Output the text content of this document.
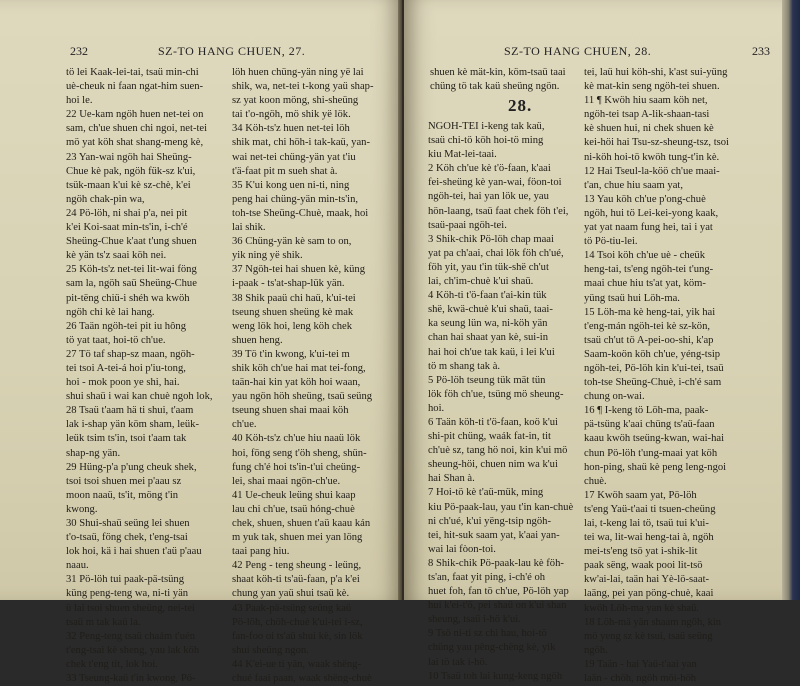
232	SZ-TO HANG CHUEN, 27.
tö lei Kaak-lei-tai, tsaü min-chi
uè-cheuk ni faan ngat-him suen-
hoi le.
22 Ue-kam ngöh huen net-tei on
sam, ch'ue shuen chi ngoi, net-tei
mö yat köh shat shang-meng kè,
23 Yan-wai ngöh hai Sheüng-
Chue kè pak, ngöh fük-sz k'ui,
tsük-maan k'ui kè sz-chè, k'ei
ngöh chak-pin wa,
24 Pö-löh, ni shai p'a, nei pit
k'ei Koi-saat min-ts'in, i-ch'é
Sheüng-Chue k'aat t'ung shuen
kè yän ts'z saai köh nei.
25 Köh-ts'z net-tei lit-wai föng
sam la, ngöh saü Sheüng-Chue
pit-tëng chiü-i shéh wa kwöh
ngöh chi kè lai hang.
26 Taän ngöh-tei pit iu hông
tö yat taat, hoi-tö ch'ue.
27 Tö taf shap-sz maan, ngöh-
tei tsoi A-tei-á hoi p'iu-tong,
hoi - mok poon ye shi, hai.
shui shaü i wai kan chuè ngoh lok,
28 Tsaü t'aam hä ti shui, t'aam
lak i-shap yän köm sham, leük-
leük tsim ts'in, tsoi t'aam tak
shap-ng yän.
29 Hüng-p'a p'ung cheuk shek,
tsoi tsoi shuen mei p'aau sz
moon naaü, ts'it, möng t'in
kwong.
30 Shui-shaü seüng lei shuen
t'o-tsaü, föng chek, t'eng-tsai
lok hoi, kä i hai shuen t'aü p'aau
naau.
31 Pö-löh tui paak-pä-tsüng
küng peng-teng wa, ni-ti yän
ü lai tsoi shuen sheüng, nei-tei
tsaü m tak kaü la.
32 Peng-teng tsaü chaám t'uén
t'eng-tsai kè sheng, yau lak köh
chek t'eng tit, lok hoi.
33 Tseung-kaü t'in kwong, Pö-
löh huen chüng-yän ning yë lai
shik, wa, net-tei t-kong yaü shap-
sz yat koon möng, shi-sheüng
tai t'o-ngöh, mö shik yë lök.
34 Köh-ts'z huen net-tei löh
shik mat, chi höh-i tak-kaü, yan-
wai net-tei chüng-yän yat t'iu
t'ä-faat pit m sueh shat à.
35 K'ui kong uen ni-ti, ning
peng hai chüng-yän min-ts'in,
toh-tse Sheüng-Chuè, maak, hoi
lai shik.
36 Chüng-yän kè sam to on,
yik ning yë shik.
37 Ngöh-tei hai shuen kè, küng
i-paak - ts'at-shap-lük yän.
38 Shik paaü chi haü, k'ui-tei
tseung shuen sheüng kè mak
weng lök hoi, leng köh chek
shuen heng.
39 Tö t'in kwong, k'ui-tei m
shik köh ch'ue hai mat tei-fong,
taän-hai kin yat köh hoi waan,
yau ngön höh sheüng, tsaü seüng
tseung shuen shai maai köh
ch'ue.
40 Köh-ts'z ch'ue hiu naaü lök
hoi, föng seng t'öh sheng, shün-
fung ch'é hoi ts'in-t'ui cheüng-
lei, shai maai ngön-ch'ue.
41 Ue-cheuk leüng shui kaap
lau chi ch'ue, tsaü hóng-chuè
chek, shuen, shuen t'aü kaau kán
m yuk tak, shuen mei yan löng
taai pang hiu.
42 Peng - teng sheung - leüng,
shaat köh-ti ts'aü-faan, p'a k'ei
chung yan yaü shui tsaü kè.
43 Paak-pä-tsüng seüng kaü
Pö-löh, chöh-chuè k'ui-tei i-sz,
fan-foo oi ts'aü shui kè, sin lök
shui sheüng ngon.
44 K'ei-ue ti yän, waak shëng-
chué faai paan, waak shëng-chuè
SZ-TO HANG CHUEN, 28.	233
shuen kè mät-kin, köm-tsaü taai
chüng tö tak kaü sheüng ngön.
28.
NGOH-TEI i-keng tak kaü,
tsaü chi-tö köh hoi-tö ming
kiu Mat-lei-taai.
2 Köh ch'ue kè t'ö-faan, k'aai
fei-sheüng kè yan-wai, föon-toi
ngöh-tei, hai yan lök ue, yau
hön-laang, tsaü faat chek föh t'ei,
tsaü-paai ngöh-tei.
3 Shik-chik Pö-löh chap maai
yat pa ch'aai, chai lök föh ch'ué,
föh yit, yau t'in tük-shë ch'ut
lai, ch'im-chuè k'ui shaü.
4 Köh-ti t'ö-faan t'ai-kin tük
shë, kwä-chuè k'ui shaü, taai-
ka seung lün wa, ni-köh yän
chan hai shaat yan kè, sui-in
hai hoi ch'ue tak kaü, i lei k'ui
tö m shang tak à.
5 Pö-löh tseung tük mät tün
lök föh ch'ue, tsüng mö sheung-
hoi.
6 Taän köh-ti t'ö-faan, koö k'ui
shi-pit chüng, waák fat-in, tit
ch'uè sz, tang hö noi, kin k'ui mö
sheung-höi, chuen nim wa k'ui
hai Shan à.
7 Hoi-tö kè t'aü-mük, ming
kiu Pö-paak-lau, yau t'in kan-chuè
ni ch'ué, k'ui yëng-tsip ngöh-
tei, hit-suk saam yat, k'aai yan-
wai lai fòon-toi.
8 Shik-chik Pö-paak-lau kè föh-
ts'an, faat yit ping, i-ch'é oh
huet foh, fan tö ch'ue, Pö-löh yap
hui k'ei-t'ö, pei shaü on k'ui shan
sheung, tsaü i-hö k'ui.
9 Tsö ni-ti sz chi hau, hoi-tö
chüng yau pêng-chëng kè, yik
lai tö tak i-hö.
10 Tsaü toh lai kung-keng ngöh
tei, laü hui köh-shi, k'ast sui-yüng
kè mat-kin seng ngöh-tei shuen.
11 ¶ Kwöh hiu saam köh net,
ngöh-tei tsap A-lik-shaan-tasi
kè shuen hui, ni chek shuen kè
kei-höi hai Tsu-sz-sheung-tsz, tsoi
ni-köh hoi-tö kwöh tung-t'in kè.
12 Hai Tseul-la-köö ch'ue maai-
t'an, chue hiu saam yat,
13 Yau köh ch'ue p'ong-chuè
ngöh, hui tö Lei-kei-yong kaak,
yat yat naam fung hei, tai i yat
tö Pö-tiu-lei.
14 Tsoi köh ch'ue uè - cheük
heng-tai, ts'eng ngöh-tei t'ung-
maai chue hiu ts'at yat, köm-
yüng tsaü hui Löh-ma.
15 Löh-ma kè heng-tai, yik hai
t'eng-mán ngöh-tei kè sz-kön,
tsaü ch'ut tö A-pei-oo-shi, k'ap
Saam-koön köh ch'ue, yéng-tsip
ngöh-tei, Pö-löh kin k'ui-tei, tsaü
toh-tse Sheüng-Chuè, i-ch'é sam
chung on-wai.
16 ¶ I-keng tö Löh-ma, paak-
pä-tsüng k'aai chüng ts'aü-faan
kaau kwöh tseüng-kwan, wai-hai
chun Pö-löh t'ung-maai yat köh
hon-ping, shaü kè peng leng-ngoi
chuè.
17 Kwöh saam yat, Pö-löh
ts'eng Yaü-t'aai ti tsuen-cheüng
lai, t-keng lai tö, tsaü tui k'ui-
tei wa, lit-wai heng-tai à, ngöh
mei-ts'eng tsö yat i-shik-lit
paak sëng, waak pooi lit-tsö
kw'ai-lai, taän hai Yè-lö-saat-
laäng, pei yan pöng-chuè, kaai
kwöh Löh-ma yan kè shaü.
18 Löh-mä yän shaam ngöh, kin
mö yeng sz kè tsui, tsaü seüng
ngöh.
19 Taän - hai Yaü-t'aai yan
laän - chöh, ngöh möi-höh
